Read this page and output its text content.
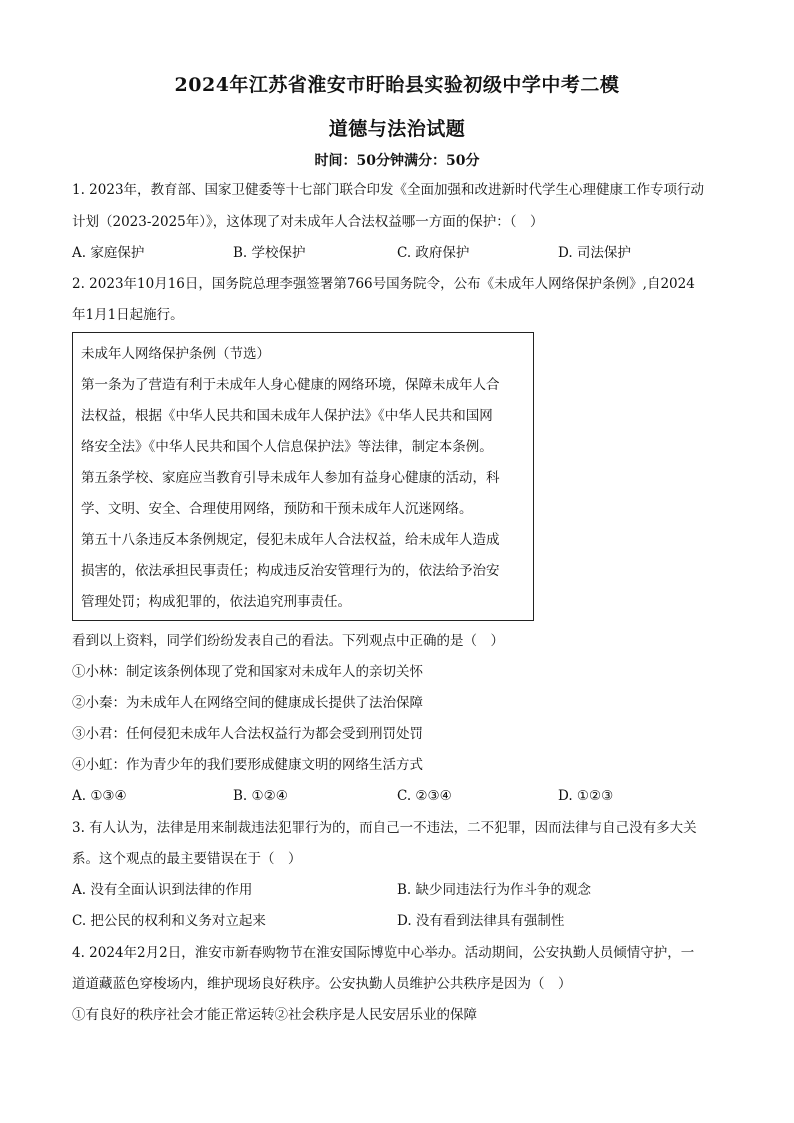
2024年江苏省淮安市盱眙县实验初级中学中考二模
道德与法治试题
时间：50分钟满分：50分
1. 2023年，教育部、国家卫健委等十七部门联合印发《全面加强和改进新时代学生心理健康工作专项行动
计划（2023-2025年）》，这体现了对未成年人合法权益哪一方面的保护：（　）
A. 家庭保护	B. 学校保护	C. 政府保护	D. 司法保护
2. 2023年10月16日，国务院总理李强签署第766号国务院令，公布《未成年人网络保护条例》,自2024
年1月1日起施行。
未成年人网络保护条例（节选）
第一条为了营造有利于未成年人身心健康的网络环境，保障未成年人合
法权益，根据《中华人民共和国未成年人保护法》《中华人民共和国网
络安全法》《中华人民共和国个人信息保护法》等法律，制定本条例。
第五条学校、家庭应当教育引导未成年人参加有益身心健康的活动，科
学、文明、安全、合理使用网络，预防和干预未成年人沉迷网络。
第五十八条违反本条例规定，侵犯未成年人合法权益，给未成年人造成
损害的，依法承担民事责任；构成违反治安管理行为的，依法给予治安
管理处罚；构成犯罪的，依法追究刑事责任。
看到以上资料，同学们纷纷发表自己的看法。下列观点中正确的是（　）
①小林：制定该条例体现了党和国家对未成年人的亲切关怀
②小秦：为未成年人在网络空间的健康成长提供了法治保障
③小君：任何侵犯未成年人合法权益行为都会受到刑罚处罚
④小虹：作为青少年的我们要形成健康文明的网络生活方式
A. ①③④	B. ①②④	C. ②③④	D. ①②③
3. 有人认为，法律是用来制裁违法犯罪行为的，而自己一不违法，二不犯罪，因而法律与自己没有多大关
系。这个观点的最主要错误在于（　）
A. 没有全面认识到法律的作用	B. 缺少同违法行为作斗争的观念
C. 把公民的权利和义务对立起来	D. 没有看到法律具有强制性
4. 2024年2月2日，淮安市新春购物节在淮安国际博览中心举办。活动期间，公安执勤人员倾情守护，一
道道藏蓝色穿梭场内，维护现场良好秩序。公安执勤人员维护公共秩序是因为（　）
①有良好的秩序社会才能正常运转②社会秩序是人民安居乐业的保障
